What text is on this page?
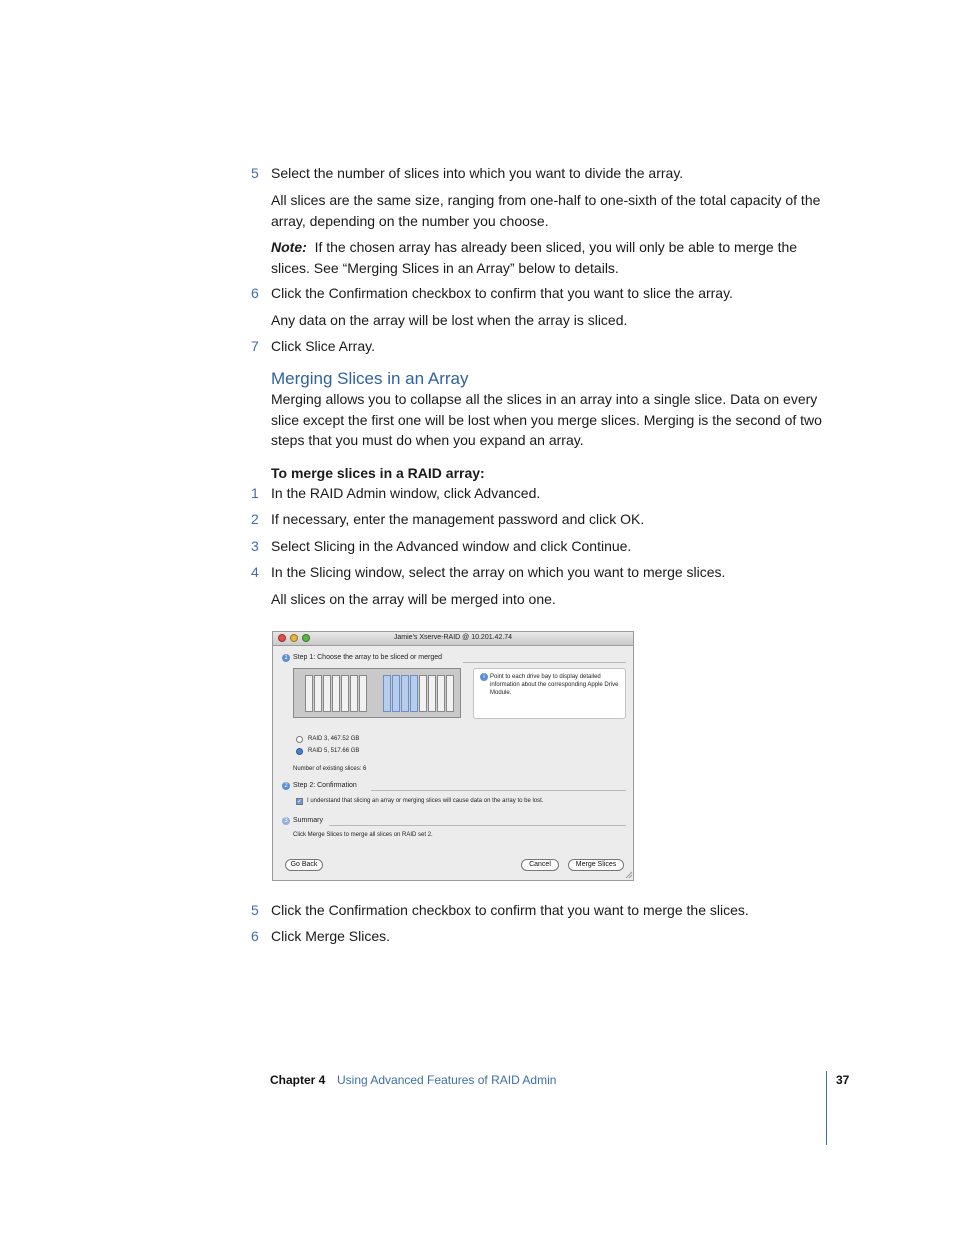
5 Select the number of slices into which you want to divide the array.
All slices are the same size, ranging from one-half to one-sixth of the total capacity of the array, depending on the number you choose.
Note: If the chosen array has already been sliced, you will only be able to merge the slices. See “Merging Slices in an Array” below to details.
6 Click the Confirmation checkbox to confirm that you want to slice the array.
Any data on the array will be lost when the array is sliced.
7 Click Slice Array.
Merging Slices in an Array
Merging allows you to collapse all the slices in an array into a single slice. Data on every slice except the first one will be lost when you merge slices. Merging is the second of two steps that you must do when you expand an array.
To merge slices in a RAID array:
1 In the RAID Admin window, click Advanced.
2 If necessary, enter the management password and click OK.
3 Select Slicing in the Advanced window and click Continue.
4 In the Slicing window, select the array on which you want to merge slices.
All slices on the array will be merged into one.
Jamie's Xserve-RAID @ 10.201.42.74
1 Step 1: Choose the array to be sliced or merged
i Point to each drive bay to display detailed information about the corresponding Apple Drive Module.
RAID 3, 467.52 GB
RAID 5, 517.66 GB
Number of existing slices: 6
2 Step 2: Confirmation
✓ I understand that slicing an array or merging slices will cause data on the array to be lost.
3 Summary
Click Merge Slices to merge all slices on RAID set 2.
Go Back	Cancel	Merge Slices
5 Click the Confirmation checkbox to confirm that you want to merge the slices.
6 Click Merge Slices.
Chapter 4 Using Advanced Features of RAID Admin	37
